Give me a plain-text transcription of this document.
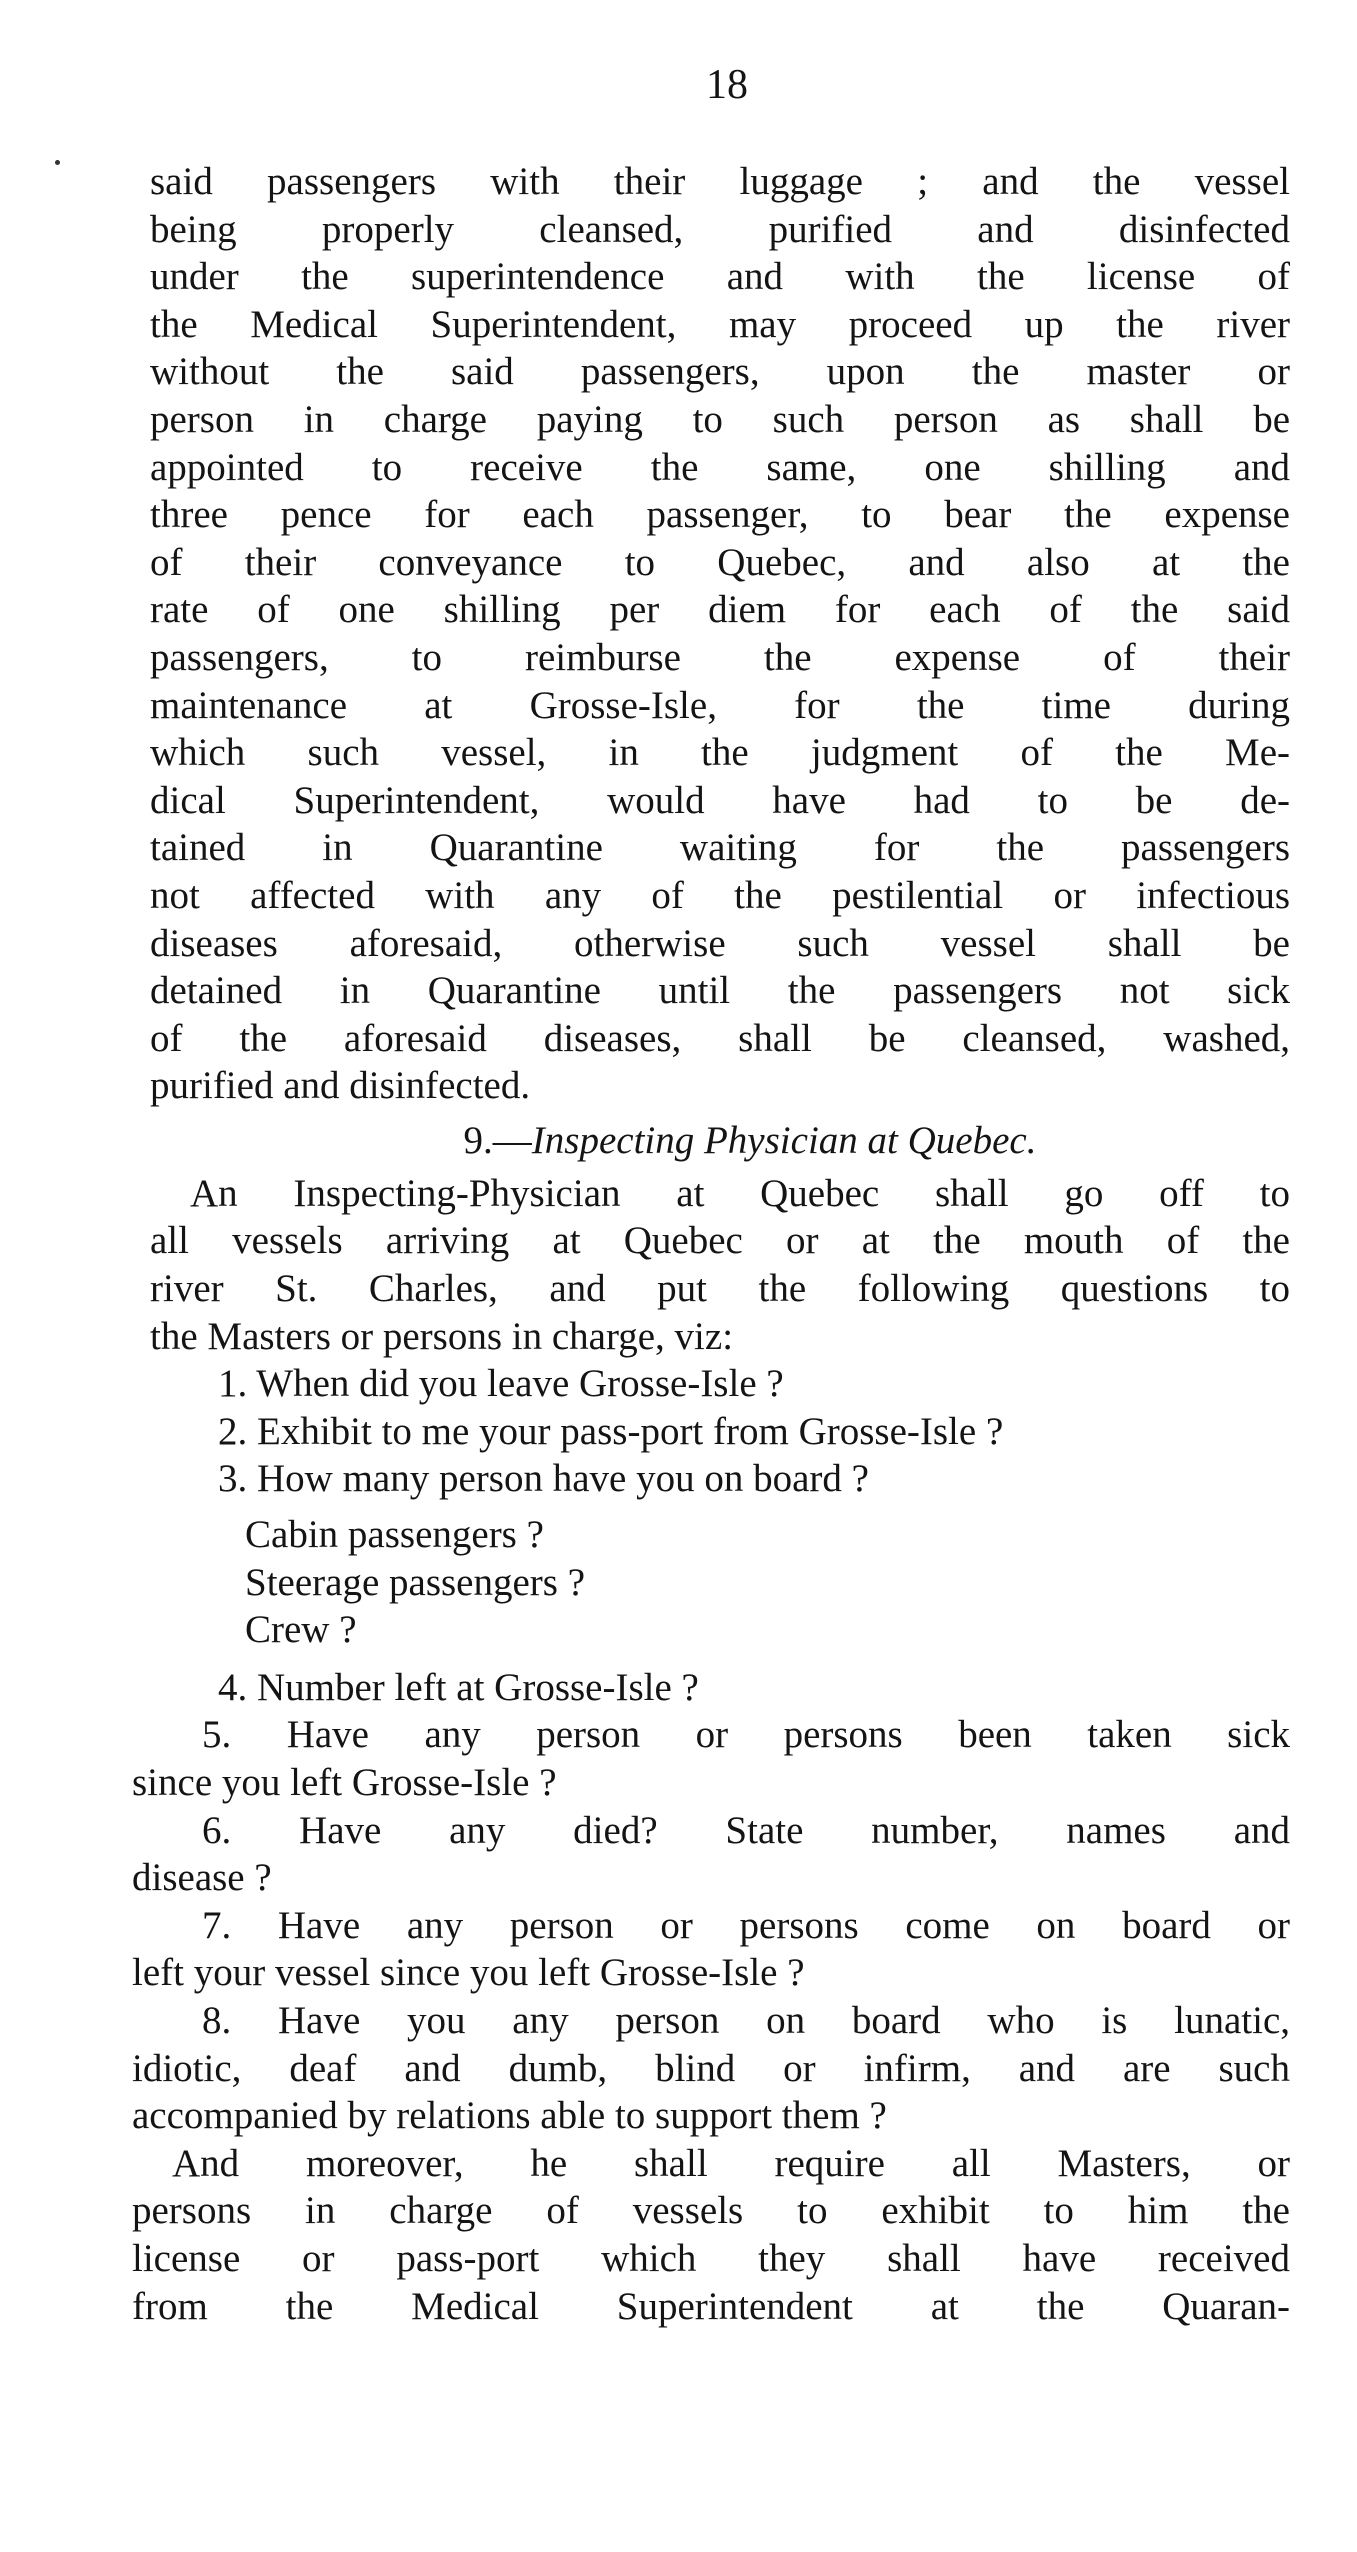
18

said passengers with their luggage ; and the vessel
being properly cleansed, purified and disinfected
under the superintendence and with the license of
the Medical Superintendent, may proceed up the river
without the said passengers, upon the master or
person in charge paying to such person as shall be
appointed to receive the same, one shilling and
three pence for each passenger, to bear the expense
of their conveyance to Quebec, and also at the
rate of one shilling per diem for each of the said
passengers, to reimburse the expense of their
maintenance at Grosse-Isle, for the time during
which such vessel, in the judgment of the Me-
dical Superintendent, would have had to be de-
tained in Quarantine waiting for the passengers
not affected with any of the pestilential or infectious
diseases aforesaid, otherwise such vessel shall be
detained in Quarantine until the passengers not sick
of the aforesaid diseases, shall be cleansed, washed,
purified and disinfected.

9.—Inspecting Physician at Quebec.

An Inspecting-Physician at Quebec shall go off to
all vessels arriving at Quebec or at the mouth of the
river St. Charles, and put the following questions to
the Masters or persons in charge, viz:

1. When did you leave Grosse-Isle ?
2. Exhibit to me your pass-port from Grosse-Isle ?
3. How many person have you on board ?
Cabin passengers ?
Steerage passengers ?
Crew ?
4. Number left at Grosse-Isle ?
5. Have any person or persons been taken sick
since you left Grosse-Isle ?
6. Have any died? State number, names and
disease ?
7. Have any person or persons come on board or
left your vessel since you left Grosse-Isle ?
8. Have you any person on board who is lunatic,
idiotic, deaf and dumb, blind or infirm, and are such
accompanied by relations able to support them ?

And moreover, he shall require all Masters, or
persons in charge of vessels to exhibit to him the
license or pass-port which they shall have received
from the Medical Superintendent at the Quaran-
